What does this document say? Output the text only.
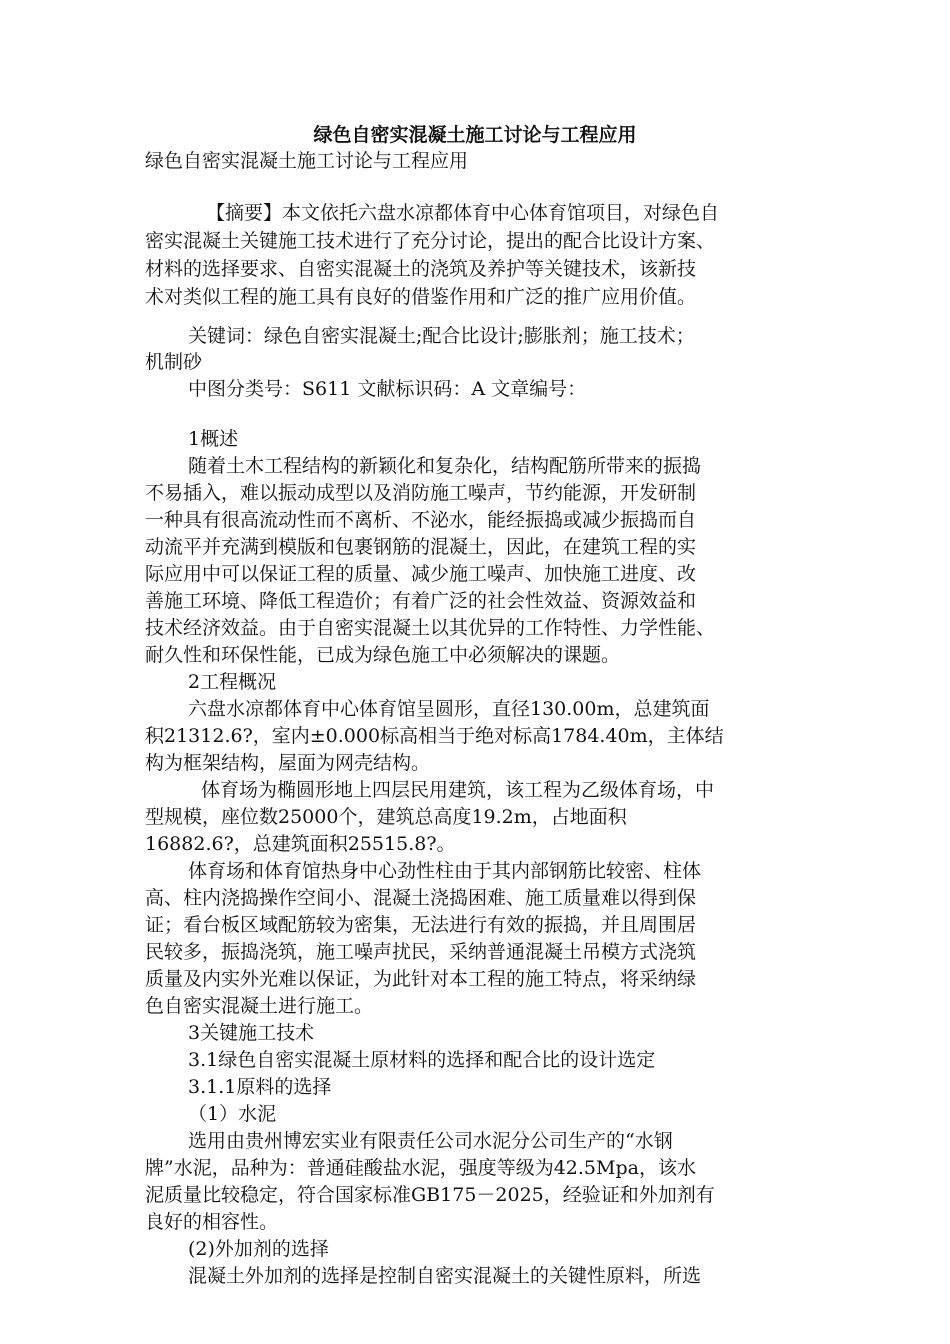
绿色自密实混凝土施工讨论与工程应用
绿色自密实混凝土施工讨论与工程应用
【摘要】本文依托六盘水凉都体育中心体育馆项目，对绿色自
密实混凝土关键施工技术进行了充分讨论，提出的配合比设计方案、
材料的选择要求、自密实混凝土的浇筑及养护等关键技术，该新技
术对类似工程的施工具有良好的借鉴作用和广泛的推广应用价值。
关键词：绿色自密实混凝土;配合比设计;膨胀剂；施工技术；
机制砂
中图分类号：S611 文献标识码：A 文章编号：
1概述
随着土木工程结构的新颖化和复杂化，结构配筋所带来的振捣
不易插入，难以振动成型以及消防施工噪声，节约能源，开发研制
一种具有很高流动性而不离析、不泌水，能经振捣或减少振捣而自
动流平并充满到模版和包裹钢筋的混凝土，因此，在建筑工程的实
际应用中可以保证工程的质量、减少施工噪声、加快施工进度、改
善施工环境、降低工程造价；有着广泛的社会性效益、资源效益和
技术经济效益。由于自密实混凝土以其优异的工作特性、力学性能、
耐久性和环保性能，已成为绿色施工中必须解决的课题。
2工程概况
六盘水凉都体育中心体育馆呈圆形，直径130.00m，总建筑面
积21312.6?，室内±0.000标高相当于绝对标高1784.40m，主体结
构为框架结构，屋面为网壳结构。
体育场为椭圆形地上四层民用建筑，该工程为乙级体育场，中
型规模，座位数25000个，建筑总高度19.2m，占地面积
16882.6?，总建筑面积25515.8?。
体育场和体育馆热身中心劲性柱由于其内部钢筋比较密、柱体
高、柱内浇捣操作空间小、混凝土浇捣困难、施工质量难以得到保
证；看台板区域配筋较为密集，无法进行有效的振捣，并且周围居
民较多，振捣浇筑，施工噪声扰民，采纳普通混凝土吊模方式浇筑
质量及内实外光难以保证，为此针对本工程的施工特点，将采纳绿
色自密实混凝土进行施工。
3关键施工技术
3.1绿色自密实混凝土原材料的选择和配合比的设计选定
3.1.1原料的选择
（1）水泥
选用由贵州博宏实业有限责任公司水泥分公司生产的“水钢
牌”水泥，品种为：普通硅酸盐水泥，强度等级为42.5Mpa，该水
泥质量比较稳定，符合国家标准GB175－2025，经验证和外加剂有
良好的相容性。
(2)外加剂的选择
混凝土外加剂的选择是控制自密实混凝土的关键性原料，所选
